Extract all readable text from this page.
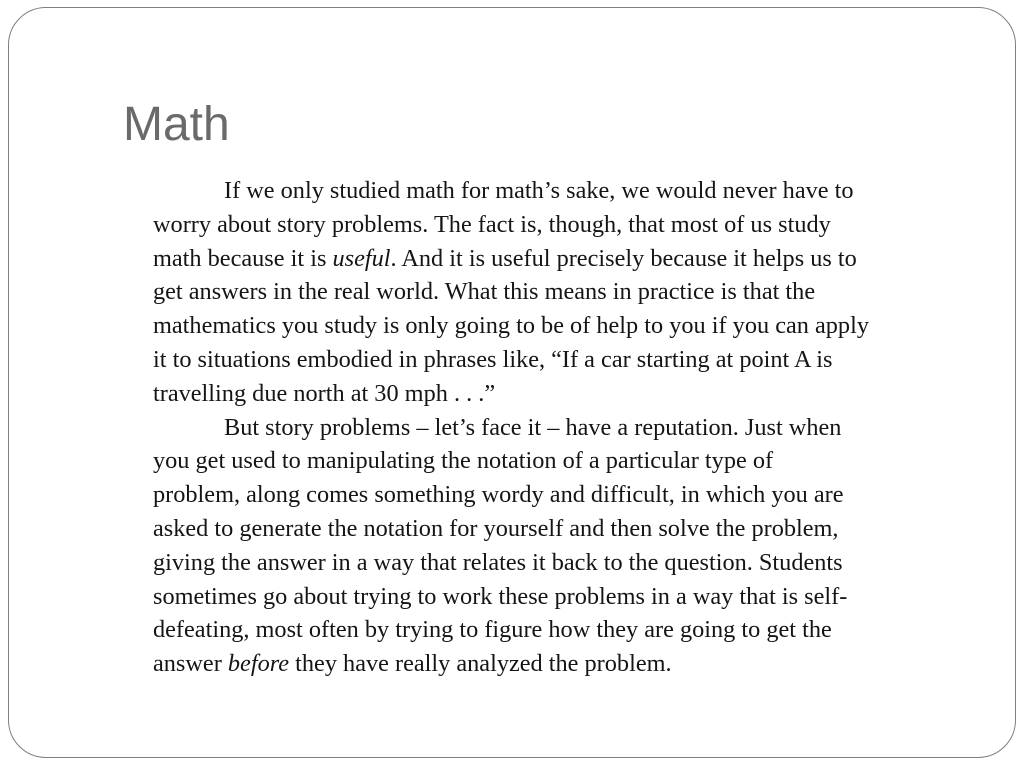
Math
If we only studied math for math’s sake, we would never have to
worry about story problems. The fact is, though, that most of us study
math because it is useful. And it is useful precisely because it helps us to
get answers in the real world. What this means in practice is that the
mathematics you study is only going to be of help to you if you can apply
it to situations embodied in phrases like, “If a car starting at point A is
travelling due north at 30 mph . . .”
But story problems – let’s face it – have a reputation. Just when
you get used to manipulating the notation of a particular type of
problem, along comes something wordy and difficult, in which you are
asked to generate the notation for yourself and then solve the problem,
giving the answer in a way that relates it back to the question. Students
sometimes go about trying to work these problems in a way that is self-
defeating, most often by trying to figure how they are going to get the
answer before they have really analyzed the problem.
